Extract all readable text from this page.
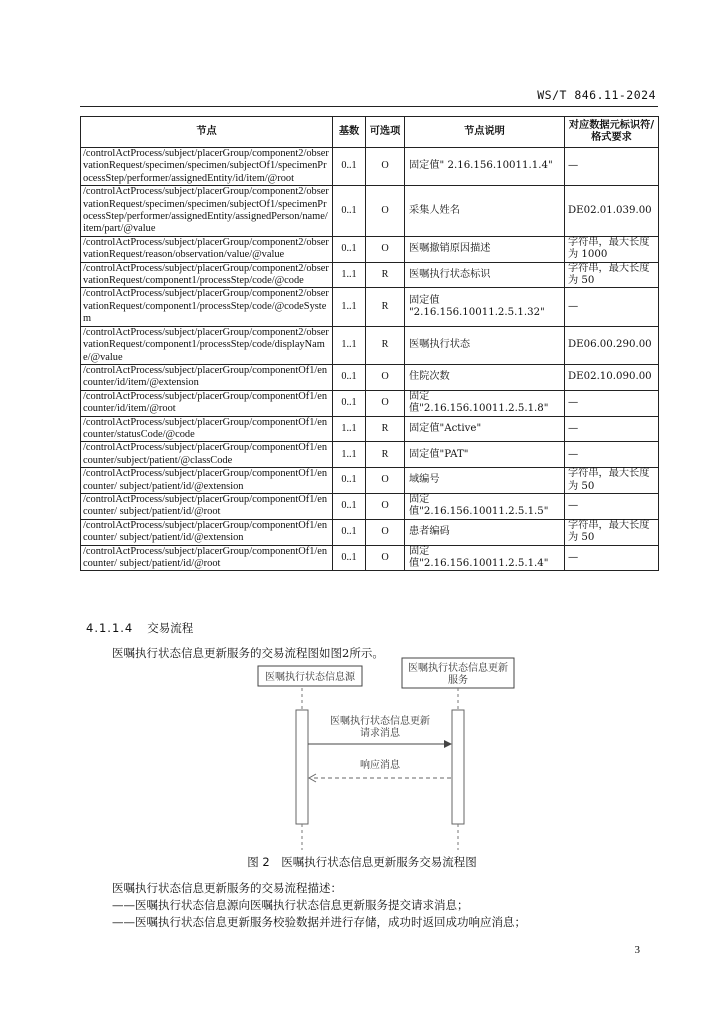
WS/T 846.11-2024
节点	基数	可选项	节点说明	对应数据元标识符/格式要求
/controlActProcess/subject/placerGroup/component2/observationRequest/specimen/specimen/subjectOf1/specimenProcessStep/performer/assignedEntity/id/item/@root	0..1	O	固定值" 2.16.156.10011.1.4"	—
/controlActProcess/subject/placerGroup/component2/observationRequest/specimen/specimen/subjectOf1/specimenProcessStep/performer/assignedEntity/assignedPerson/name/item/part/@value	0..1	O	采集人姓名	DE02.01.039.00
/controlActProcess/subject/placerGroup/component2/observationRequest/reason/observation/value/@value	0..1	O	医嘱撤销原因描述	字符串，最大长度为 1000
/controlActProcess/subject/placerGroup/component2/observationRequest/component1/processStep/code/@code	1..1	R	医嘱执行状态标识	字符串，最大长度为 50
/controlActProcess/subject/placerGroup/component2/observationRequest/component1/processStep/code/@codeSystem	1..1	R	固定值 "2.16.156.10011.2.5.1.32"	—
/controlActProcess/subject/placerGroup/component2/observationRequest/component1/processStep/code/displayName/@value	1..1	R	医嘱执行状态	DE06.00.290.00
/controlActProcess/subject/placerGroup/componentOf1/encounter/id/item/@extension	0..1	O	住院次数	DE02.10.090.00
/controlActProcess/subject/placerGroup/componentOf1/encounter/id/item/@root	0..1	O	固定值"2.16.156.10011.2.5.1.8"	—
/controlActProcess/subject/placerGroup/componentOf1/encounter/statusCode/@code	1..1	R	固定值"Active"	—
/controlActProcess/subject/placerGroup/componentOf1/encounter/subject/patient/@classCode	1..1	R	固定值"PAT"	—
/controlActProcess/subject/placerGroup/componentOf1/encounter/ subject/patient/id/@extension	0..1	O	域编号	字符串，最大长度为 50
/controlActProcess/subject/placerGroup/componentOf1/encounter/ subject/patient/id/@root	0..1	O	固定值"2.16.156.10011.2.5.1.5"	—
/controlActProcess/subject/placerGroup/componentOf1/encounter/ subject/patient/id/@extension	0..1	O	患者编码	字符串，最大长度为 50
/controlActProcess/subject/placerGroup/componentOf1/encounter/ subject/patient/id/@root	0..1	O	固定值"2.16.156.10011.2.5.1.4"	—
4.1.1.4 交易流程
医嘱执行状态信息更新服务的交易流程图如图2所示。
医嘱执行状态信息源
医嘱执行状态信息更新
服务
医嘱执行状态信息更新
请求消息
响应消息
图 2　医嘱执行状态信息更新服务交易流程图
医嘱执行状态信息更新服务的交易流程描述：
——医嘱执行状态信息源向医嘱执行状态信息更新服务提交请求消息；
——医嘱执行状态信息更新服务校验数据并进行存储，成功时返回成功响应消息；
3
